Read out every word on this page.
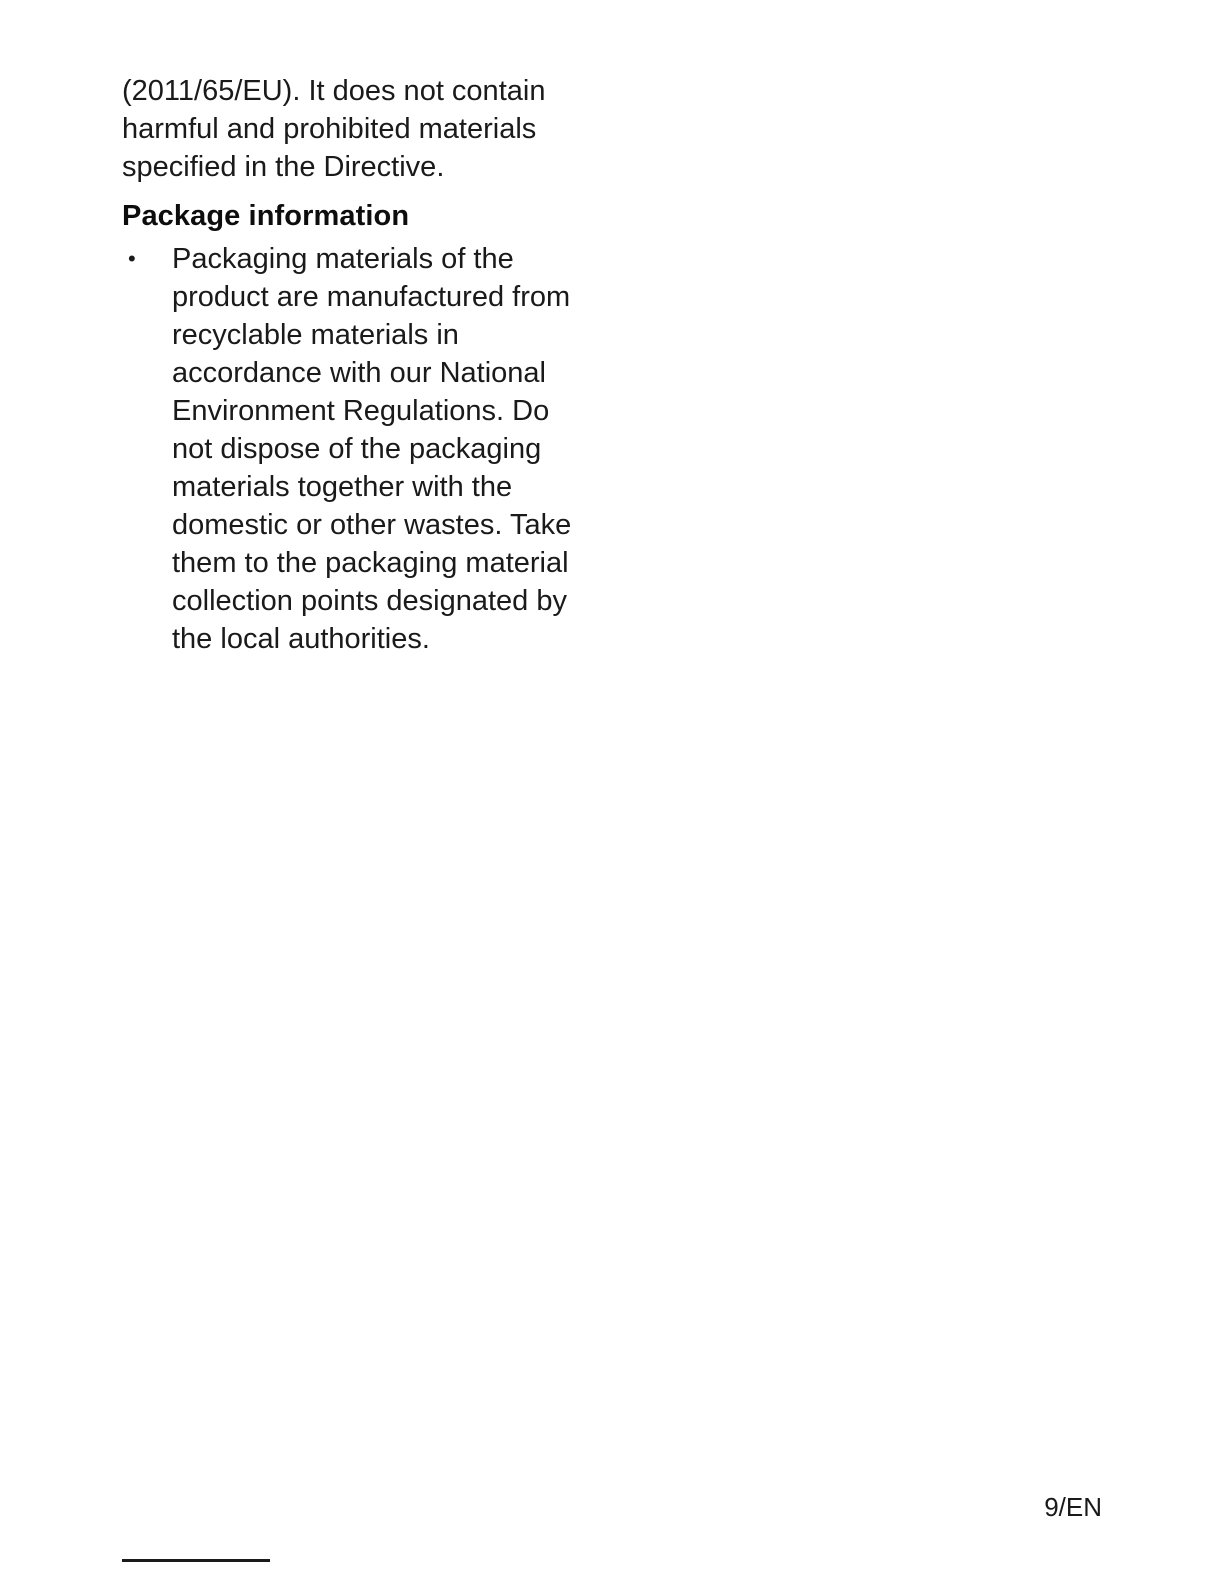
(2011/65/EU). It does not contain harmful and prohibited materials specified in the Directive.

Package information
• Packaging materials of the product are manufactured from recyclable materials in accordance with our National Environment Regulations. Do not dispose of the packaging materials together with the domestic or other wastes. Take them to the packaging material collection points designated by the local authorities.
9/EN
